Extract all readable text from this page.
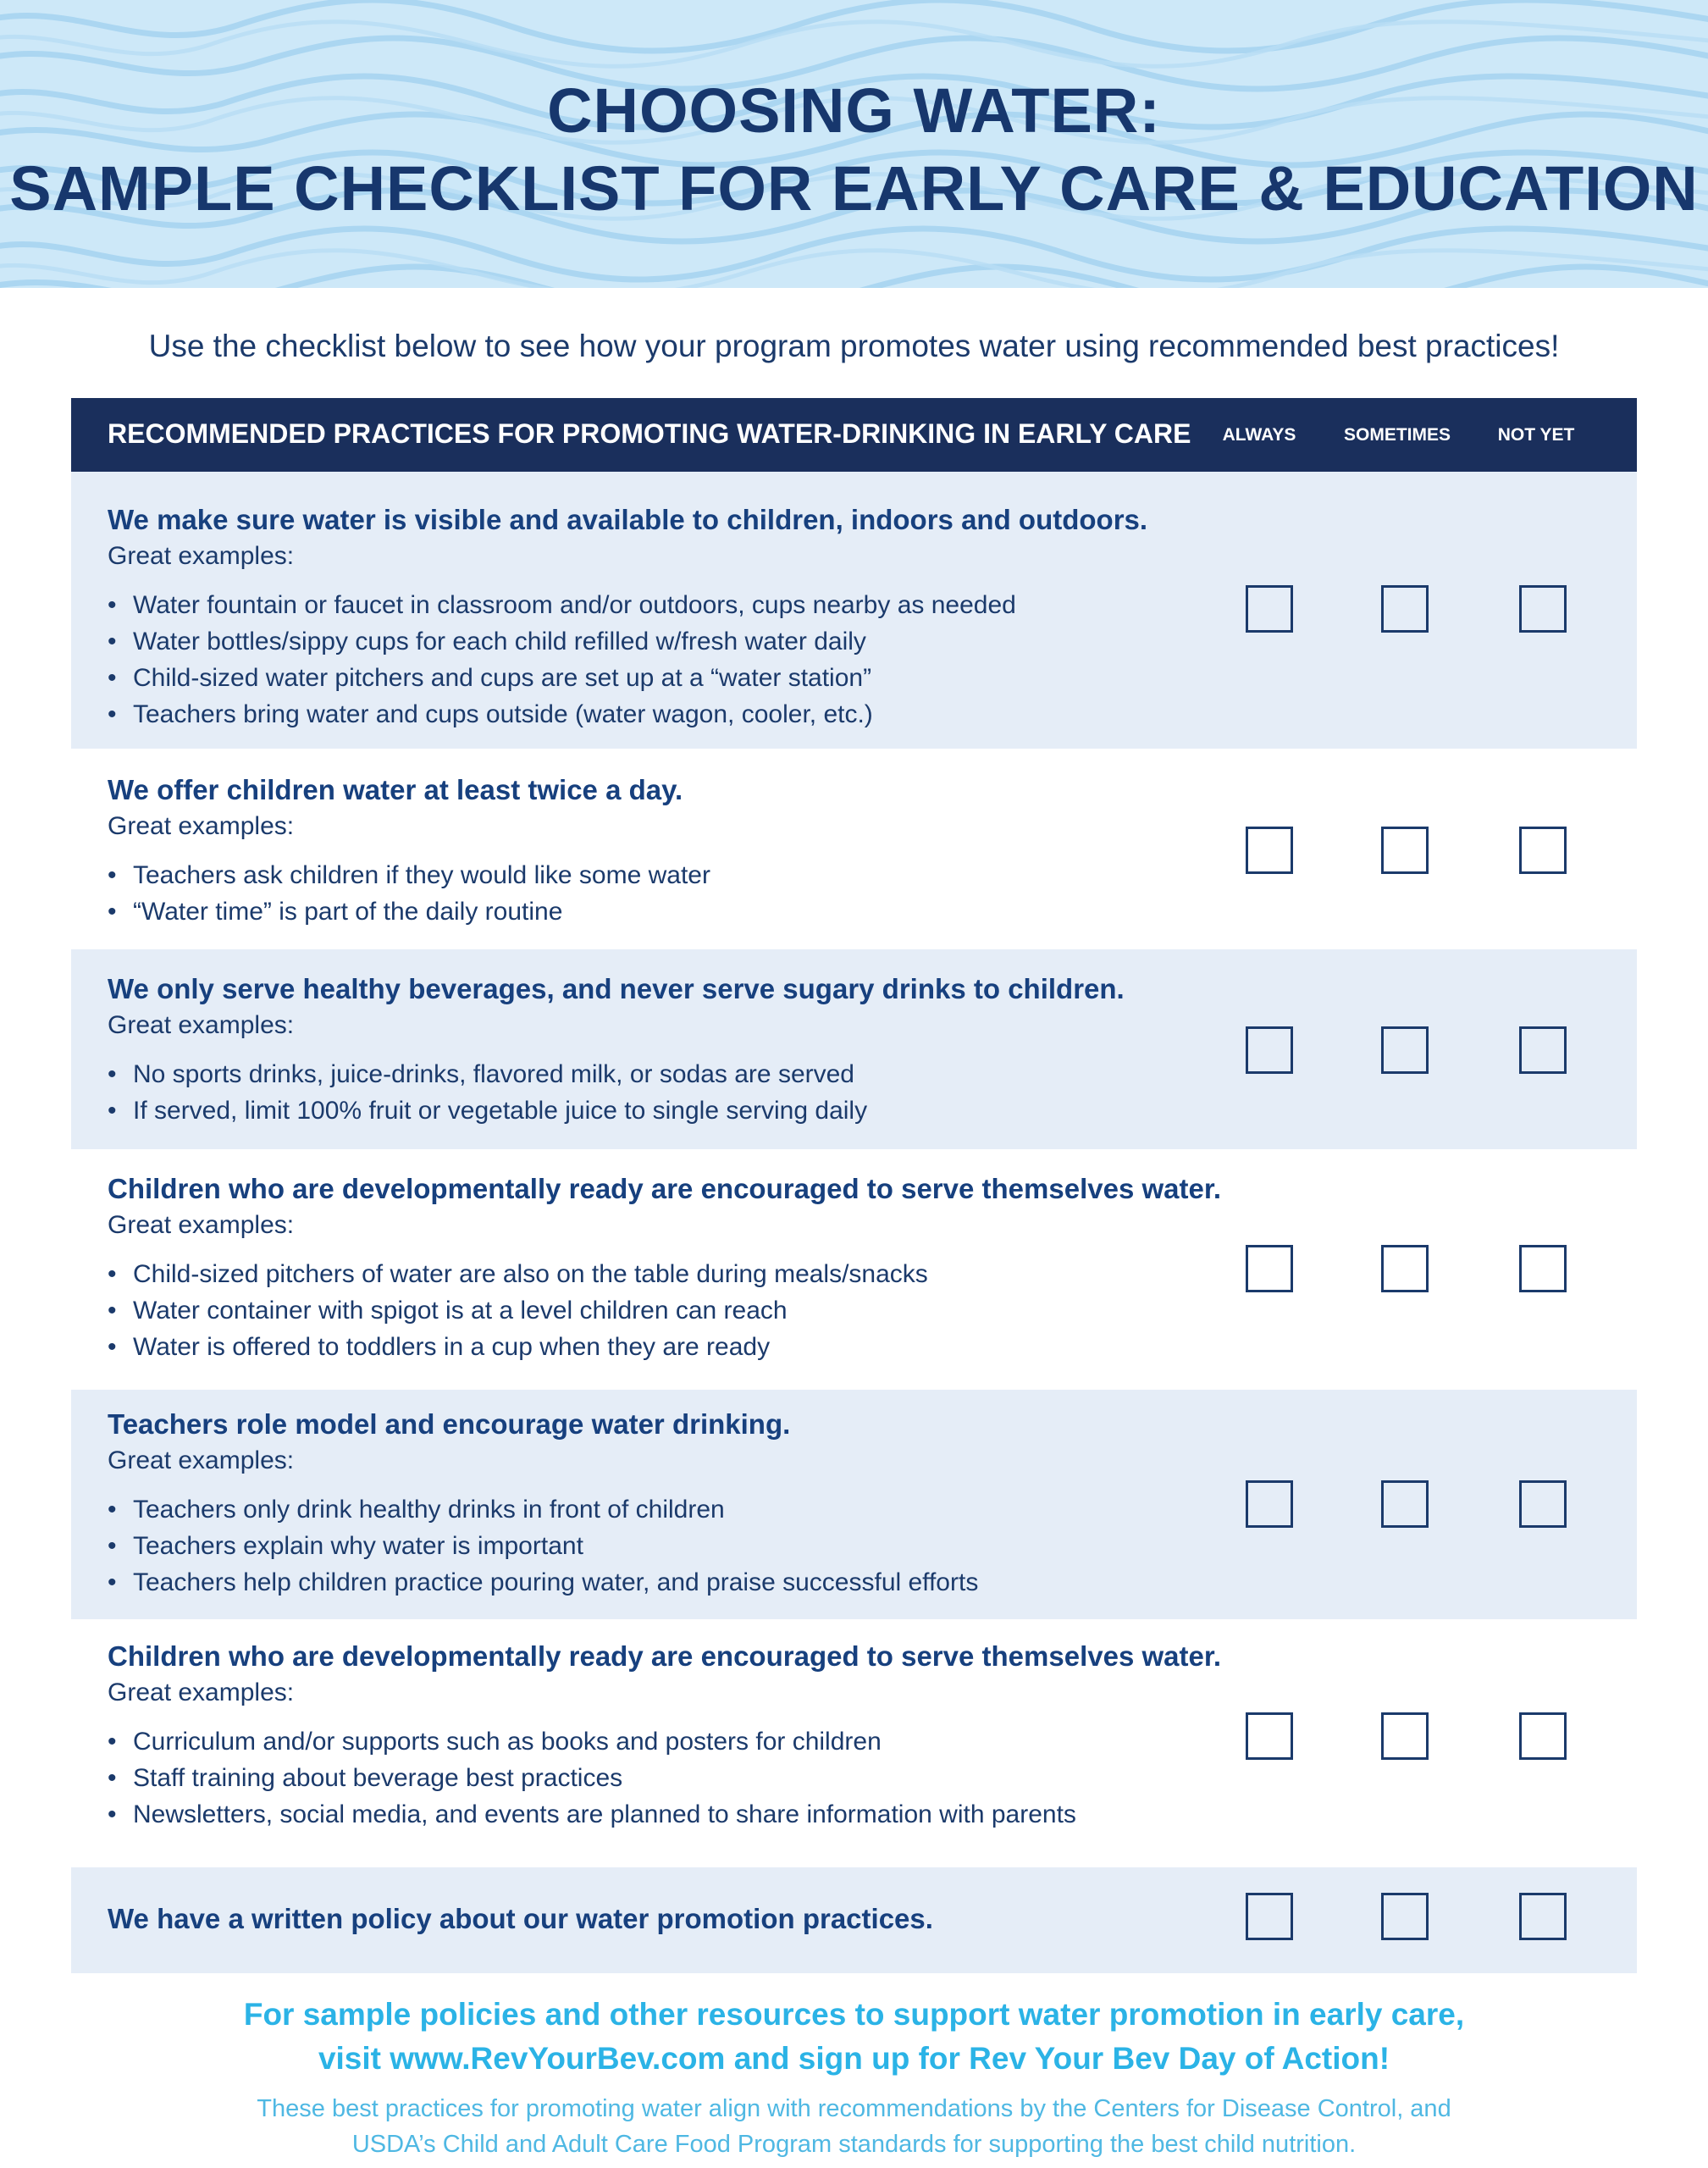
CHOOSING WATER:
SAMPLE CHECKLIST FOR EARLY CARE & EDUCATION
Use the checklist below to see how your program promotes water using recommended best practices!
RECOMMENDED PRACTICES FOR PROMOTING WATER-DRINKING IN EARLY CARE	ALWAYS	SOMETIMES	NOT YET
We make sure water is visible and available to children, indoors and outdoors.
Great examples:
• Water fountain or faucet in classroom and/or outdoors, cups nearby as needed
• Water bottles/sippy cups for each child refilled w/fresh water daily
• Child-sized water pitchers and cups are set up at a “water station”
• Teachers bring water and cups outside (water wagon, cooler, etc.)
We offer children water at least twice a day.
Great examples:
• Teachers ask children if they would like some water
• “Water time” is part of the daily routine
We only serve healthy beverages, and never serve sugary drinks to children.
Great examples:
• No sports drinks, juice-drinks, flavored milk, or sodas are served
• If served, limit 100% fruit or vegetable juice to single serving daily
Children who are developmentally ready are encouraged to serve themselves water.
Great examples:
• Child-sized pitchers of water are also on the table during meals/snacks
• Water container with spigot is at a level children can reach
• Water is offered to toddlers in a cup when they are ready
Teachers role model and encourage water drinking.
Great examples:
• Teachers only drink healthy drinks in front of children
• Teachers explain why water is important
• Teachers help children practice pouring water, and praise successful efforts
Children who are developmentally ready are encouraged to serve themselves water.
Great examples:
• Curriculum and/or supports such as books and posters for children
• Staff training about beverage best practices
• Newsletters, social media, and events are planned to share information with parents
We have a written policy about our water promotion practices.
For sample policies and other resources to support water promotion in early care,
visit www.RevYourBev.com and sign up for Rev Your Bev Day of Action!
These best practices for promoting water align with recommendations by the Centers for Disease Control, and
USDA’s Child and Adult Care Food Program standards for supporting the best child nutrition.
